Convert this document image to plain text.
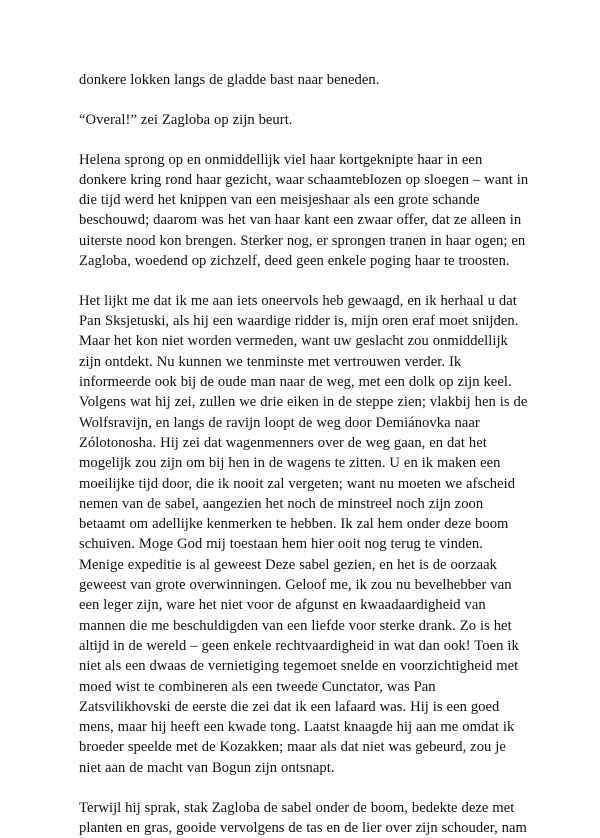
donkere lokken langs de gladde bast naar beneden.

“Overal!” zei Zagloba op zijn beurt.

Helena sprong op en onmiddellijk viel haar kortgeknipte haar in een
donkere kring rond haar gezicht, waar schaamteblozen op sloegen – want in
die tijd werd het knippen van een meisjeshaar als een grote schande
beschouwd; daarom was het van haar kant een zwaar offer, dat ze alleen in
uiterste nood kon brengen. Sterker nog, er sprongen tranen in haar ogen; en
Zagloba, woedend op zichzelf, deed geen enkele poging haar te troosten.

Het lijkt me dat ik me aan iets oneervols heb gewaagd, en ik herhaal u dat
Pan Sksjetuski, als hij een waardige ridder is, mijn oren eraf moet snijden.
Maar het kon niet worden vermeden, want uw geslacht zou onmiddellijk
zijn ontdekt. Nu kunnen we tenminste met vertrouwen verder. Ik
informeerde ook bij de oude man naar de weg, met een dolk op zijn keel.
Volgens wat hij zei, zullen we drie eiken in de steppe zien; vlakbij hen is de
Wolfsravijn, en langs de ravijn loopt de weg door Demiánovka naar
Zólotonosha. Hij zei dat wagenmenners over de weg gaan, en dat het
mogelijk zou zijn om bij hen in de wagens te zitten. U en ik maken een
moeilijke tijd door, die ik nooit zal vergeten; want nu moeten we afscheid
nemen van de sabel, aangezien het noch de minstreel noch zijn zoon
betaamt om adellijke kenmerken te hebben. Ik zal hem onder deze boom
schuiven. Moge God mij toestaan hem hier ooit nog terug te vinden.
Menige expeditie is al geweest Deze sabel gezien, en het is de oorzaak
geweest van grote overwinningen. Geloof me, ik zou nu bevelhebber van
een leger zijn, ware het niet voor de afgunst en kwaadaardigheid van
mannen die me beschuldigden van een liefde voor sterke drank. Zo is het
altijd in de wereld – geen enkele rechtvaardigheid in wat dan ook! Toen ik
niet als een dwaas de vernietiging tegemoet snelde en voorzichtigheid met
moed wist te combineren als een tweede Cunctator, was Pan
Zatsvilikhovski de eerste die zei dat ik een lafaard was. Hij is een goed
mens, maar hij heeft een kwade tong. Laatst knaagde hij aan me omdat ik
broeder speelde met de Kozakken; maar als dat niet was gebeurd, zou je
niet aan de macht van Bogun zijn ontsnapt.

Terwijl hij sprak, stak Zagloba de sabel onder de boom, bedekte deze met
planten en gras, gooide vervolgens de tas en de lier over zijn schouder, nam
